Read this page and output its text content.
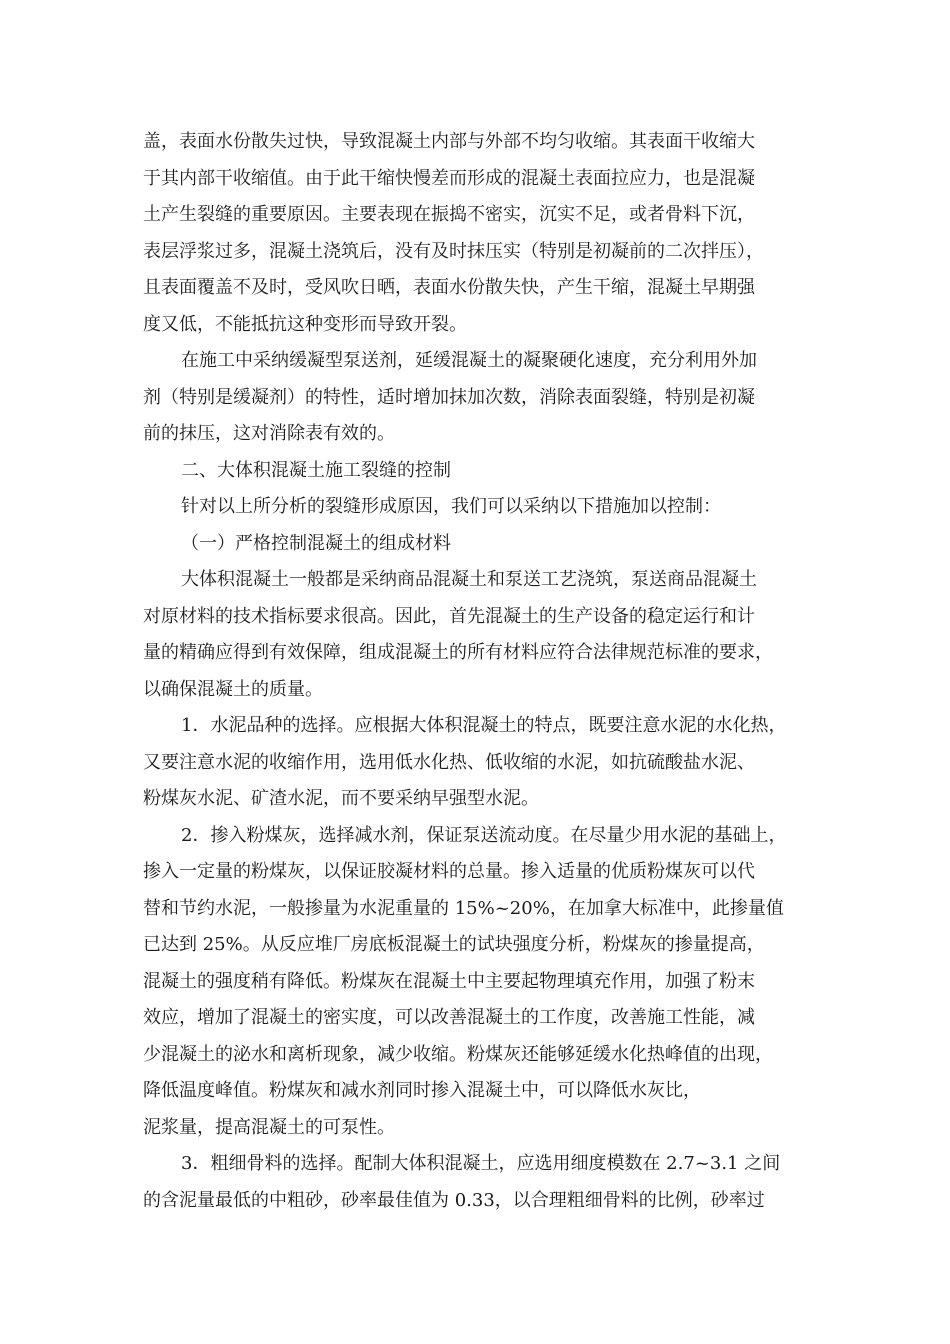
盖，表面水份散失过快，导致混凝土内部与外部不均匀收缩。其表面干收缩大
于其内部干收缩值。由于此干缩快慢差而形成的混凝土表面拉应力，也是混凝
土产生裂缝的重要原因。主要表现在振捣不密实，沉实不足，或者骨料下沉，
表层浮浆过多，混凝土浇筑后，没有及时抹压实（特别是初凝前的二次拌压），
且表面覆盖不及时，受风吹日晒，表面水份散失快，产生干缩，混凝土早期强
度又低，不能抵抗这种变形而导致开裂。
在施工中采纳缓凝型泵送剂，延缓混凝土的凝聚硬化速度，充分利用外加
剂（特别是缓凝剂）的特性，适时增加抹加次数，消除表面裂缝，特别是初凝
前的抹压，这对消除表有效的。
二、大体积混凝土施工裂缝的控制
针对以上所分析的裂缝形成原因，我们可以采纳以下措施加以控制：
（一）严格控制混凝土的组成材料
大体积混凝土一般都是采纳商品混凝土和泵送工艺浇筑，泵送商品混凝土
对原材料的技术指标要求很高。因此，首先混凝土的生产设备的稳定运行和计
量的精确应得到有效保障，组成混凝土的所有材料应符合法律规范标准的要求，
以确保混凝土的质量。
1．水泥品种的选择。应根据大体积混凝土的特点，既要注意水泥的水化热，
又要注意水泥的收缩作用，选用低水化热、低收缩的水泥，如抗硫酸盐水泥、
粉煤灰水泥、矿渣水泥，而不要采纳早强型水泥。
2．掺入粉煤灰，选择减水剂，保证泵送流动度。在尽量少用水泥的基础上，
掺入一定量的粉煤灰，以保证胶凝材料的总量。掺入适量的优质粉煤灰可以代
替和节约水泥，一般掺量为水泥重量的 15%~20%，在加拿大标准中，此掺量值
已达到 25%。从反应堆厂房底板混凝土的试块强度分析，粉煤灰的掺量提高，
混凝土的强度稍有降低。粉煤灰在混凝土中主要起物理填充作用，加强了粉末
效应，增加了混凝土的密实度，可以改善混凝土的工作度，改善施工性能，减
少混凝土的泌水和离析现象，减少收缩。粉煤灰还能够延缓水化热峰值的出现，
降低温度峰值。粉煤灰和减水剂同时掺入混凝土中，可以降低水灰比，
泥浆量，提高混凝土的可泵性。
3．粗细骨料的选择。配制大体积混凝土，应选用细度模数在 2.7~3.1 之间
的含泥量最低的中粗砂，砂率最佳值为 0.33，以合理粗细骨料的比例，砂率过
